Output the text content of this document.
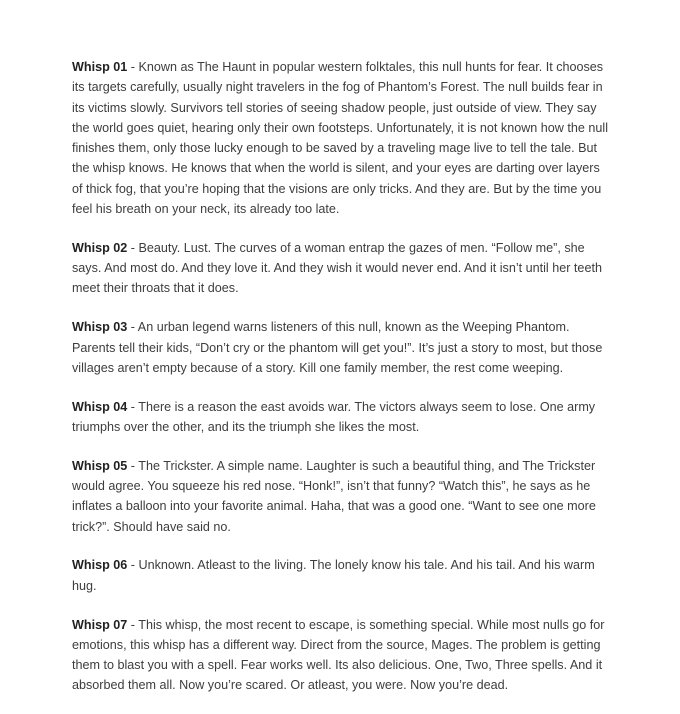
Whisp 01 - Known as The Haunt in popular western folktales, this null hunts for fear. It chooses its targets carefully, usually night travelers in the fog of Phantom’s Forest. The null builds fear in its victims slowly. Survivors tell stories of seeing shadow people, just outside of view. They say the world goes quiet, hearing only their own footsteps. Unfortunately, it is not known how the null finishes them, only those lucky enough to be saved by a traveling mage live to tell the tale. But the whisp knows. He knows that when the world is silent, and your eyes are darting over layers of thick fog, that you’re hoping that the visions are only tricks. And they are. But by the time you feel his breath on your neck, its already too late.

Whisp 02 - Beauty. Lust. The curves of a woman entrap the gazes of men. “Follow me”, she says. And most do. And they love it. And they wish it would never end. And it isn’t until her teeth meet their throats that it does.

Whisp 03 - An urban legend warns listeners of this null, known as the Weeping Phantom. Parents tell their kids, “Don’t cry or the phantom will get you!”. It’s just a story to most, but those villages aren’t empty because of a story. Kill one family member, the rest come weeping.

Whisp 04 - There is a reason the east avoids war. The victors always seem to lose. One army triumphs over the other, and its the triumph she likes the most.

Whisp 05 - The Trickster. A simple name. Laughter is such a beautiful thing, and The Trickster would agree. You squeeze his red nose. “Honk!”, isn’t that funny? “Watch this”, he says as he inflates a balloon into your favorite animal. Haha, that was a good one. “Want to see one more trick?”. Should have said no.

Whisp 06 - Unknown. Atleast to the living. The lonely know his tale. And his tail. And his warm hug.

Whisp 07 - This whisp, the most recent to escape, is something special. While most nulls go for emotions, this whisp has a different way. Direct from the source, Mages. The problem is getting them to blast you with a spell. Fear works well. Its also delicious. One, Two, Three spells. And it absorbed them all. Now you’re scared. Or atleast, you were. Now you’re dead.
